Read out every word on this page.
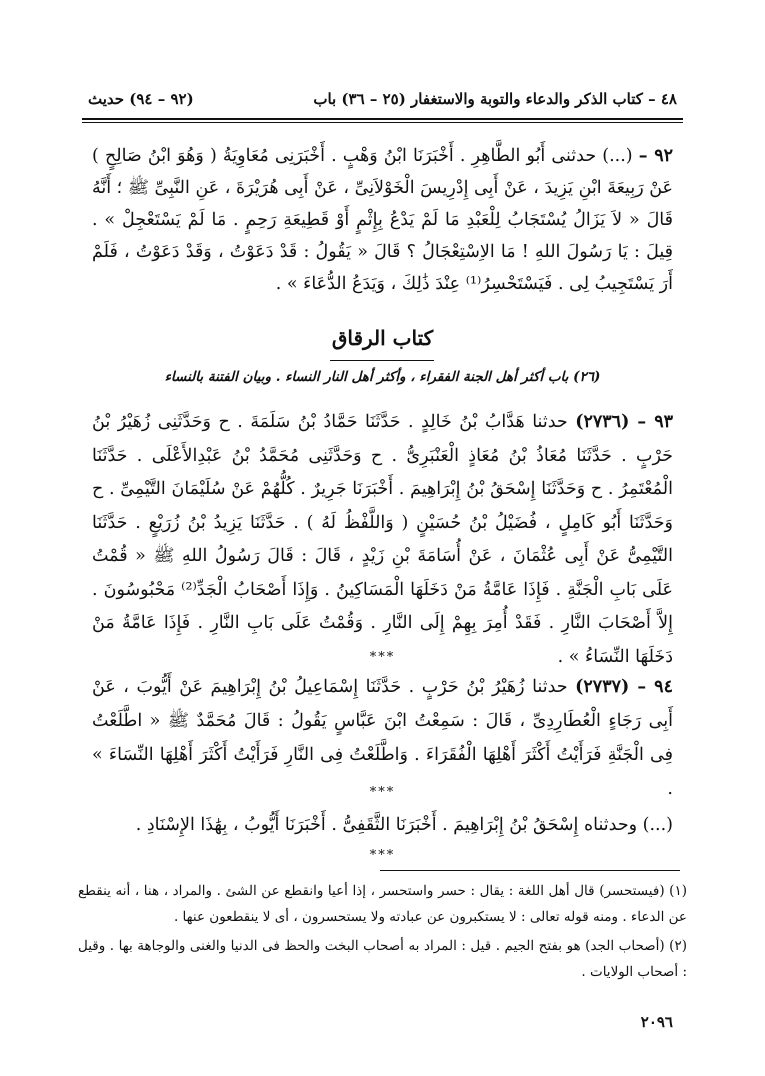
٤٨ – كتاب الذكر والدعاء والتوبة والاستغفار (٢٥ – ٣٦) باب
(٩٢ – ٩٤) حديث
٩٢ – (...) حدثنى أَبُو الطَّاهِرِ . أَخْبَرَنَا ابْنُ وَهْبٍ . أَخْبَرَنِى مُعَاوِيَةُ ( وَهُوَ ابْنُ صَالِحٍ ) عَنْ رَبِيعَةَ ابْنِ يَزِيدَ ، عَنْ أَبِى إِدْرِيسَ الْخَوْلاَنِىِّ ، عَنْ أَبِى هُرَيْرَةَ ، عَنِ النَّبِىِّ ﷺ ؛ أَنَّهُ قَالَ « لاَ يَزَالُ يُسْتَجَابُ لِلْعَبْدِ مَا لَمْ يَدْعُ بِإِثْمٍ أَوْ قَطِيعَةِ رَحِمٍ . مَا لَمْ يَسْتَعْجِلْ » . قِيلَ : يَا رَسُولَ اللهِ ! مَا الاِسْتِعْجَالُ ؟ قَالَ « يَقُولُ : قَدْ دَعَوْتُ ، وَقَدْ دَعَوْتُ ، فَلَمْ أَرَ يَسْتَجِيبُ لِى . فَيَسْتَحْسِرُ⁽¹⁾ عِنْدَ ذَٰلِكَ ، وَيَدَعُ الدُّعَاءَ » .
كتاب الرقاق
(٢٦) باب أكثر أهل الجنة الفقراء ، وأكثر أهل النار النساء . وبيان الفتنة بالنساء
٩٣ – (٢٧٣٦) حدثنا هَدَّابُ بْنُ خَالِدٍ . حَدَّثَنَا حَمَّادُ بْنُ سَلَمَةَ . ح وَحَدَّثَنِى زُهَيْرُ بْنُ حَرْبٍ . حَدَّثَنَا مُعَاذُ بْنُ مُعَاذٍ الْعَنْبَرِىُّ . ح وَحَدَّثَنِى مُحَمَّدُ بْنُ عَبْدِالأَعْلَى . حَدَّثَنَا الْمُعْتَمِرُ . ح وَحَدَّثَنَا إِسْحَقُ بْنُ إِبْرَاهِيمَ . أَخْبَرَنَا جَرِيرٌ . كُلُّهُمْ عَنْ سُلَيْمَانَ التَّيْمِىِّ . ح وَحَدَّثَنَا أَبُو كَامِلٍ ، فُضَيْلُ بْنُ حُسَيْنٍ ( وَاللَّفْظُ لَهُ ) . حَدَّثَنَا يَزِيدُ بْنُ زُرَيْعٍ . حَدَّثَنَا التَّيْمِىُّ عَنْ أَبِى عُثْمَانَ ، عَنْ أُسَامَةَ بْنِ زَيْدٍ ، قَالَ : قَالَ رَسُولُ اللهِ ﷺ « قُمْتُ عَلَى بَابِ الْجَنَّةِ . فَإِذَا عَامَّةُ مَنْ دَخَلَهَا الْمَسَاكِينُ . وَإِذَا أَصْحَابُ الْجَدِّ⁽²⁾ مَحْبُوسُونَ . إِلاَّ أَصْحَابَ النَّارِ . فَقَدْ أُمِرَ بِهِمْ إِلَى النَّارِ . وَقُمْتُ عَلَى بَابِ النَّارِ . فَإِذَا عَامَّةُ مَنْ دَخَلَهَا النِّسَاءُ » .
***
٩٤ – (٢٧٣٧) حدثنا زُهَيْرُ بْنُ حَرْبٍ . حَدَّثَنَا إِسْمَاعِيلُ بْنُ إِبْرَاهِيمَ عَنْ أَيُّوبَ ، عَنْ أَبِى رَجَاءٍ الْعُطَارِدِىِّ ، قَالَ : سَمِعْتُ ابْنَ عَبَّاسٍ يَقُولُ : قَالَ مُحَمَّدٌ ﷺ « اطَّلَعْتُ فِى الْجَنَّةِ فَرَأَيْتُ أَكْثَرَ أَهْلِهَا الْفُقَرَاءَ . وَاطَّلَعْتُ فِى النَّارِ فَرَأَيْتُ أَكْثَرَ أَهْلِهَا النِّسَاءَ » .
***
(...) وحدثناه إِسْحَقُ بْنُ إِبْرَاهِيمَ . أَخْبَرَنَا الثَّقَفِىُّ . أَخْبَرَنَا أَيُّوبُ ، بِهَٰذَا الإِسْنَادِ .
***
(١) (فيستحسر) قال أهل اللغة : يقال : حسر واستحسر ، إذا أعيا وانقطع عن الشئ . والمراد ، هنا ، أنه ينقطع عن الدعاء . ومنه قوله تعالى : لا يستكبرون عن عبادته ولا يستحسرون ، أى لا ينقطعون عنها .
(٢) (أصحاب الجد) هو بفتح الجيم . قيل : المراد به أصحاب البخت والحظ فى الدنيا والغنى والوجاهة بها . وقيل : أصحاب الولايات .
٢٠٩٦
